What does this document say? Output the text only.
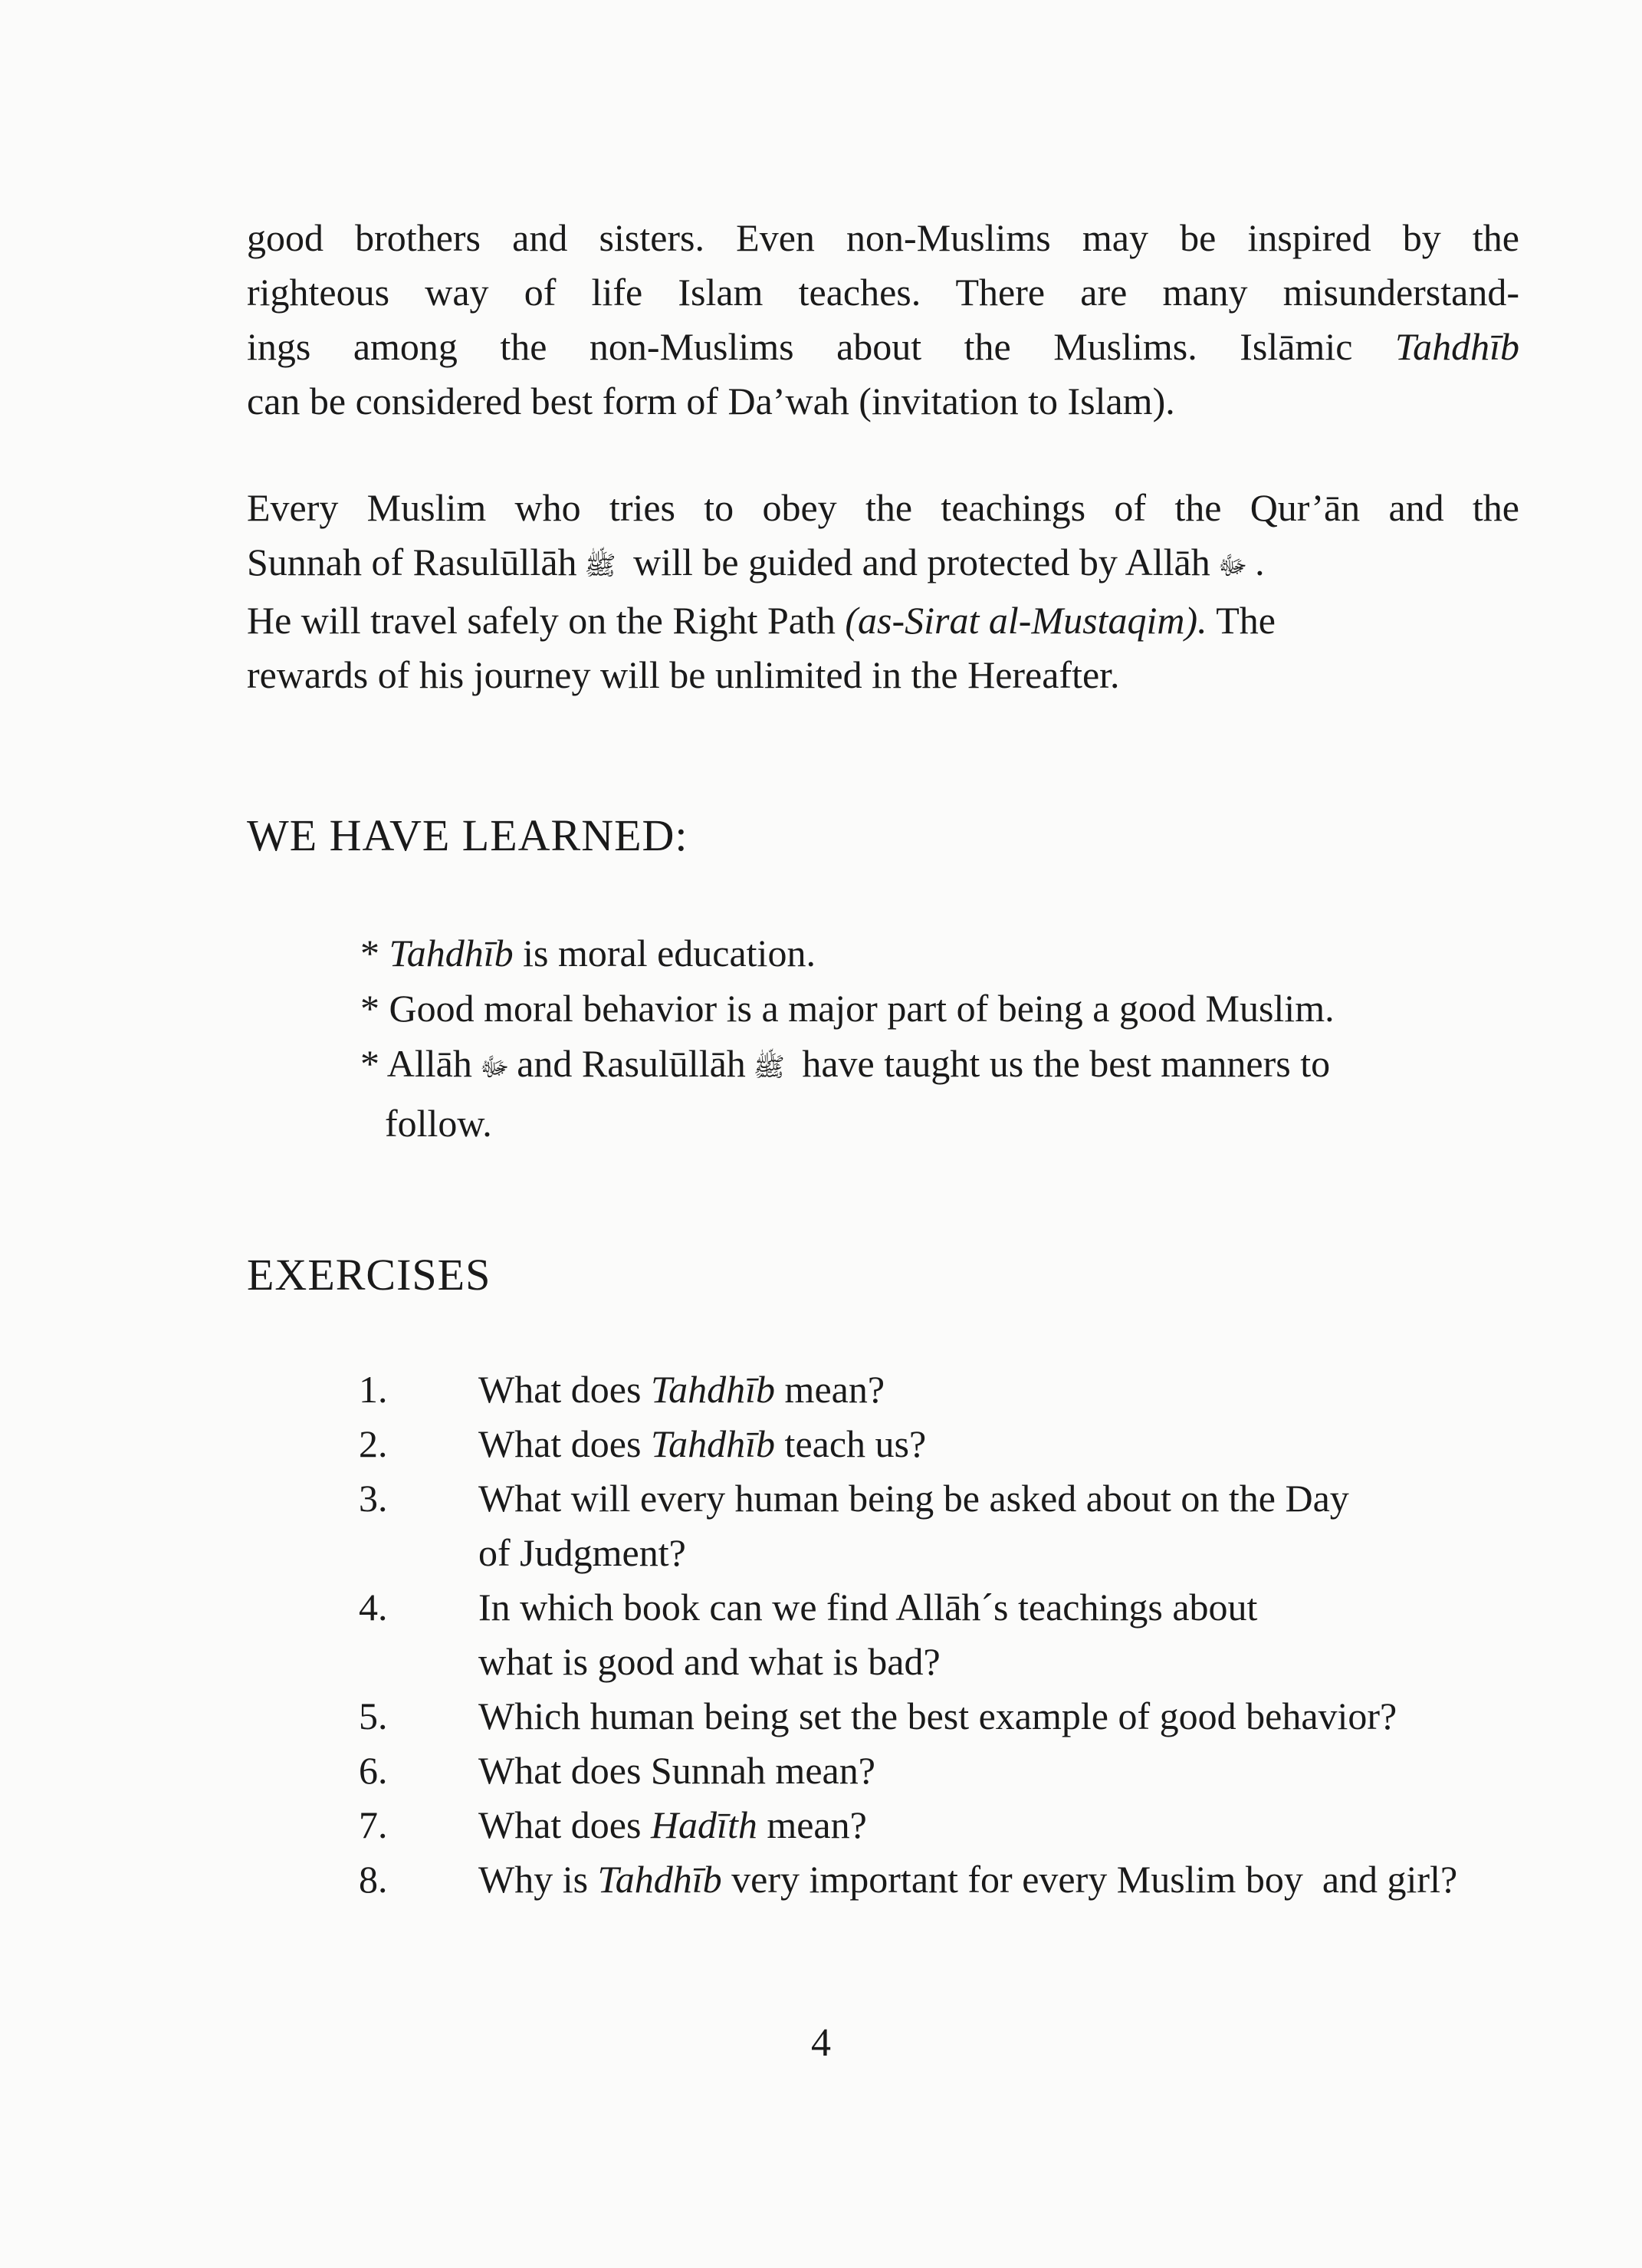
good brothers and sisters. Even non-Muslims may be inspired by the
righteous way of life Islam teaches. There are many misunderstand-
ings among the non-Muslims about the Muslims. Islāmic Tahdhīb
can be considered best form of Da’wah (invitation to Islam).
Every Muslim who tries to obey the teachings of the Qur’ān and the
Sunnah of Rasulūllāh ﷺ will be guided and protected by Allāh ﷻ .
He will travel safely on the Right Path (as-Sirat al-Mustaqim). The
rewards of his journey will be unlimited in the Hereafter.
WE HAVE LEARNED:
* Tahdhīb is moral education.
* Good moral behavior is a major part of being a good Muslim.
* Allāh ﷻ and Rasulūllāh ﷺ have taught us the best manners to
follow.
EXERCISES
1.	What does Tahdhīb mean?
2.	What does Tahdhīb teach us?
3.	What will every human being be asked about on the Day
of Judgment?
4.	In which book can we find Allāh´s teachings about
what is good and what is bad?
5.	Which human being set the best example of good behavior?
6.	What does Sunnah mean?
7.	What does Hadīth mean?
8.	Why is Tahdhīb very important for every Muslim boy  and girl?
4
